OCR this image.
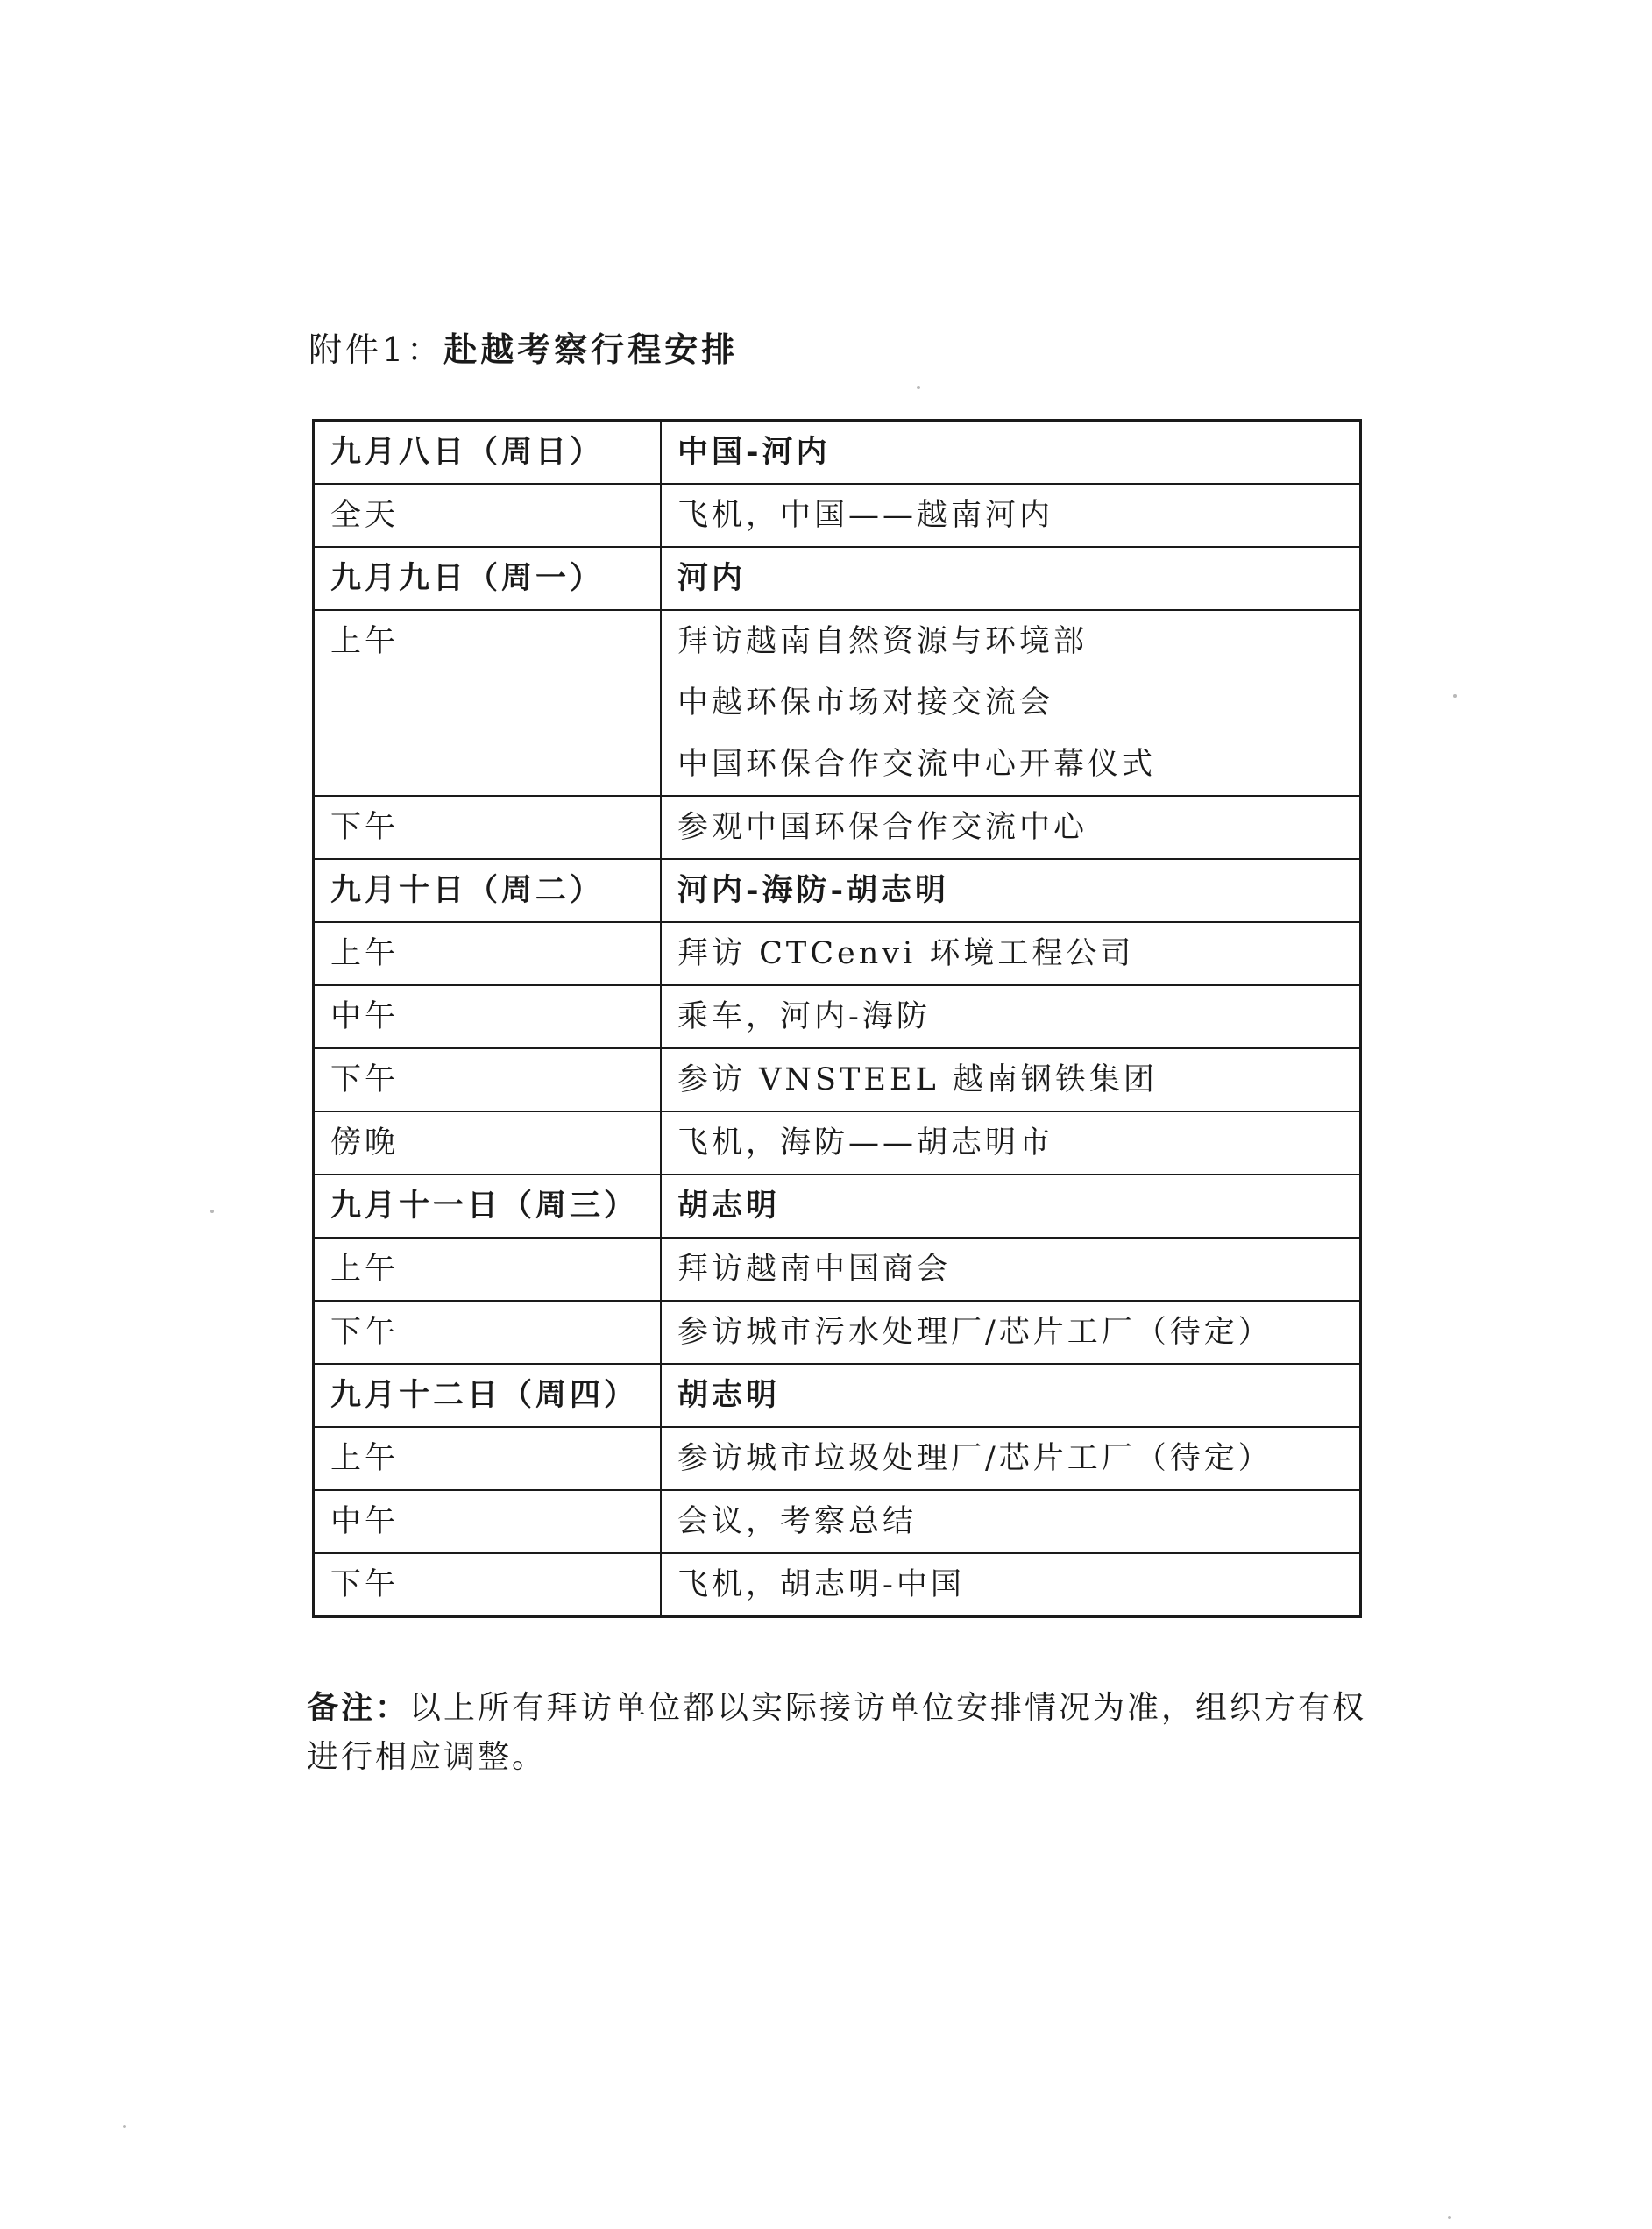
附件1：赴越考察行程安排
九月八日（周日）	中国-河内

全天	飞机，中国——越南河内

九月九日（周一）	河内

上午	拜访越南自然资源与环境部
中越环保市场对接交流会
中国环保合作交流中心开幕仪式

下午	参观中国环保合作交流中心

九月十日（周二）	河内-海防-胡志明

上午	拜访 CTCenvi 环境工程公司

中午	乘车，河内-海防

下午	参访 VNSTEEL 越南钢铁集团

傍晚	飞机，海防——胡志明市

九月十一日（周三）	胡志明

上午	拜访越南中国商会

下午	参访城市污水处理厂/芯片工厂（待定）

九月十二日（周四）	胡志明

上午	参访城市垃圾处理厂/芯片工厂（待定）

中午	会议，考察总结

下午	飞机，胡志明-中国
备注：以上所有拜访单位都以实际接访单位安排情况为准，组织方有权进行相应调整。
